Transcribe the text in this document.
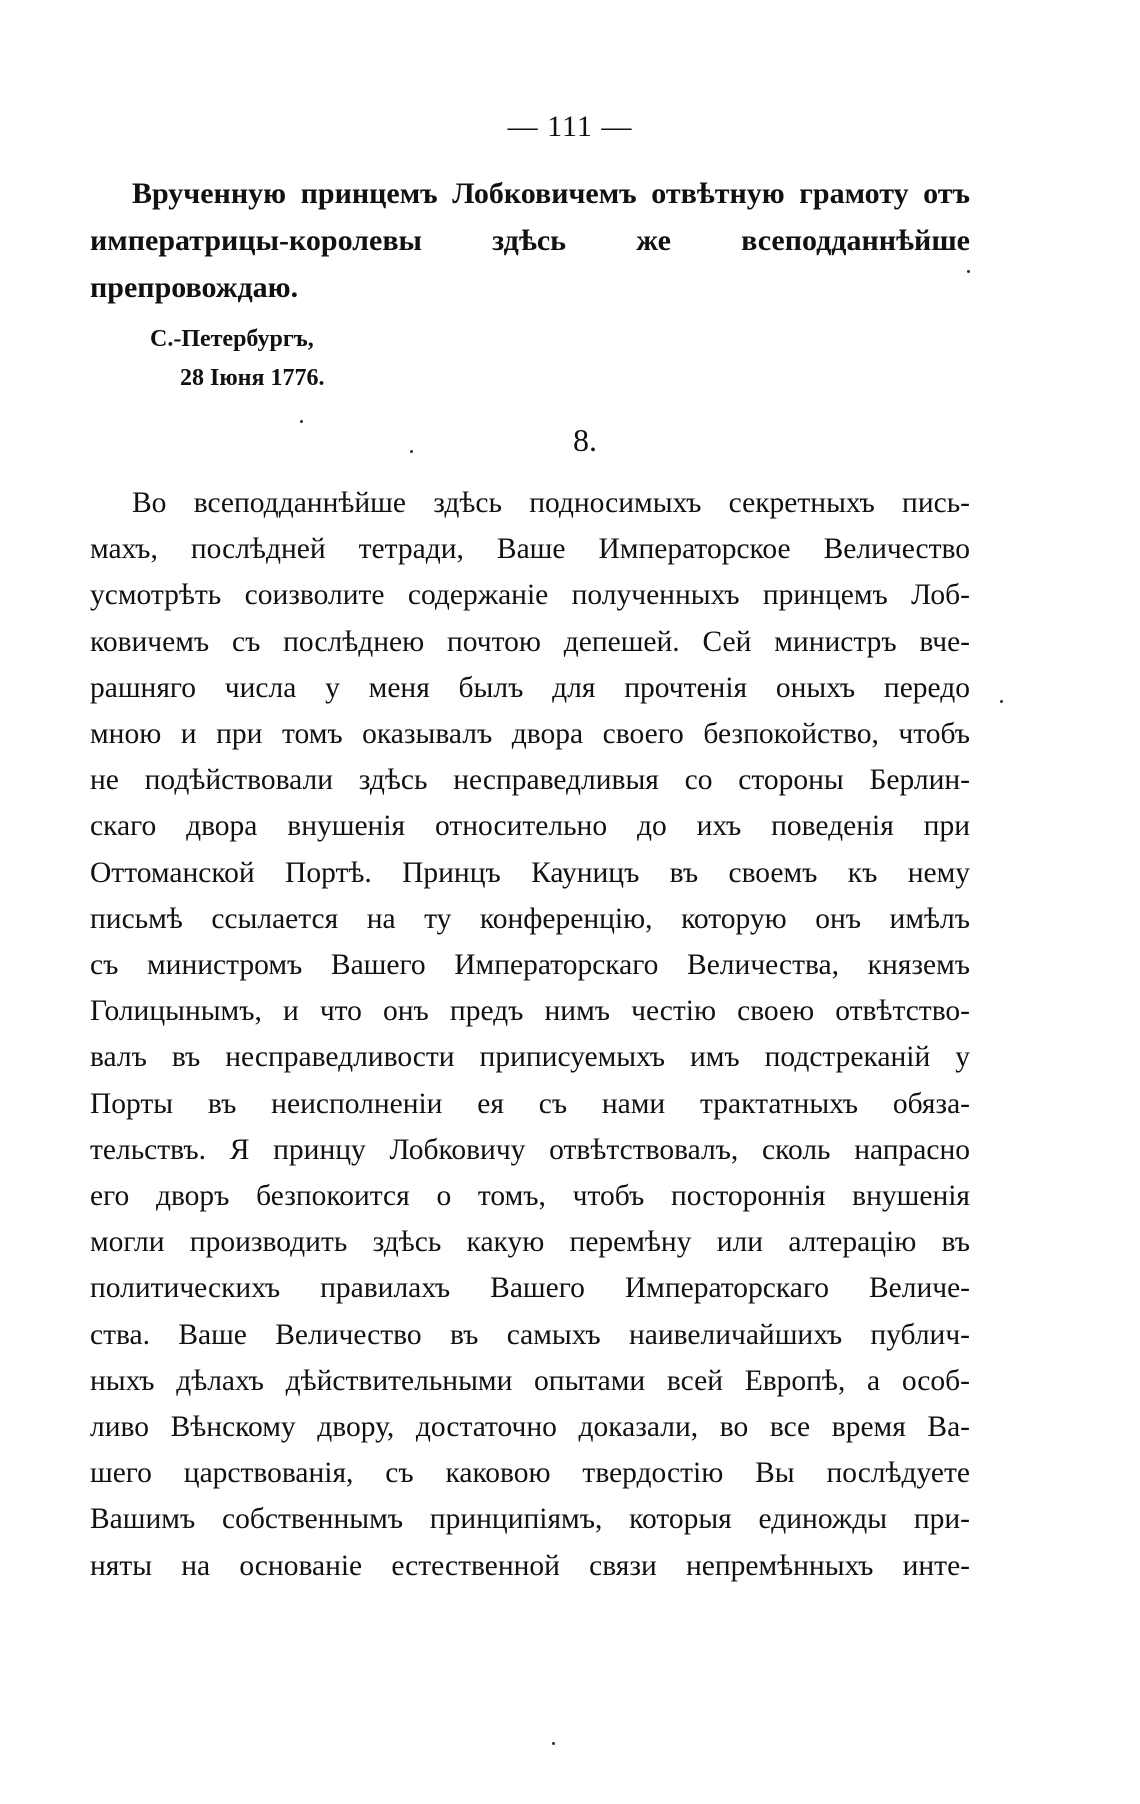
— 111 —
Врученную принцемъ Лобковичемъ отвѣтную грамоту отъ императрицы-королевы здѣсь же всеподданнѣйше препровождаю.
С.-Петербургъ,
28 Іюня 1776.
8.
Во всеподданнѣйше здѣсь подносимыхъ секретныхъ пись-
махъ, послѣдней тетради, Ваше Императорское Величество
усмотрѣть соизволите содержаніе полученныхъ принцемъ Лоб-
ковичемъ съ послѣднею почтою депешей. Сей министръ вче-
рашняго числа у меня былъ для прочтенія оныхъ передо
мною и при томъ оказывалъ двора своего безпокойство, чтобъ
не подѣйствовали здѣсь несправедливыя со стороны Берлин-
скаго двора внушенія относительно до ихъ поведенія при
Оттоманской Портѣ. Принцъ Кауницъ въ своемъ къ нему
письмѣ ссылается на ту конференцію, которую онъ имѣлъ
съ министромъ Вашего Императорскаго Величества, княземъ
Голицынымъ, и что онъ предъ нимъ честію своею отвѣтство-
валъ въ несправедливости приписуемыхъ имъ подстреканій у
Порты въ неисполненіи ея съ нами трактатныхъ обяза-
тельствъ. Я принцу Лобковичу отвѣтствовалъ, сколь напрасно
его дворъ безпокоится о томъ, чтобъ постороннія внушенія
могли производить здѣсь какую перемѣну или алтерацію въ
политическихъ правилахъ Вашего Императорскаго Величе-
ства. Ваше Величество въ самыхъ наивеличайшихъ публич-
ныхъ дѣлахъ дѣйствительными опытами всей Европѣ, а особ-
ливо Вѣнскому двору, достаточно доказали, во все время Ва-
шего царствованія, съ каковою твердостію Вы послѣдуете
Вашимъ собственнымъ принципіямъ, которыя единожды при-
няты на основаніе естественной связи непремѣнныхъ инте-
